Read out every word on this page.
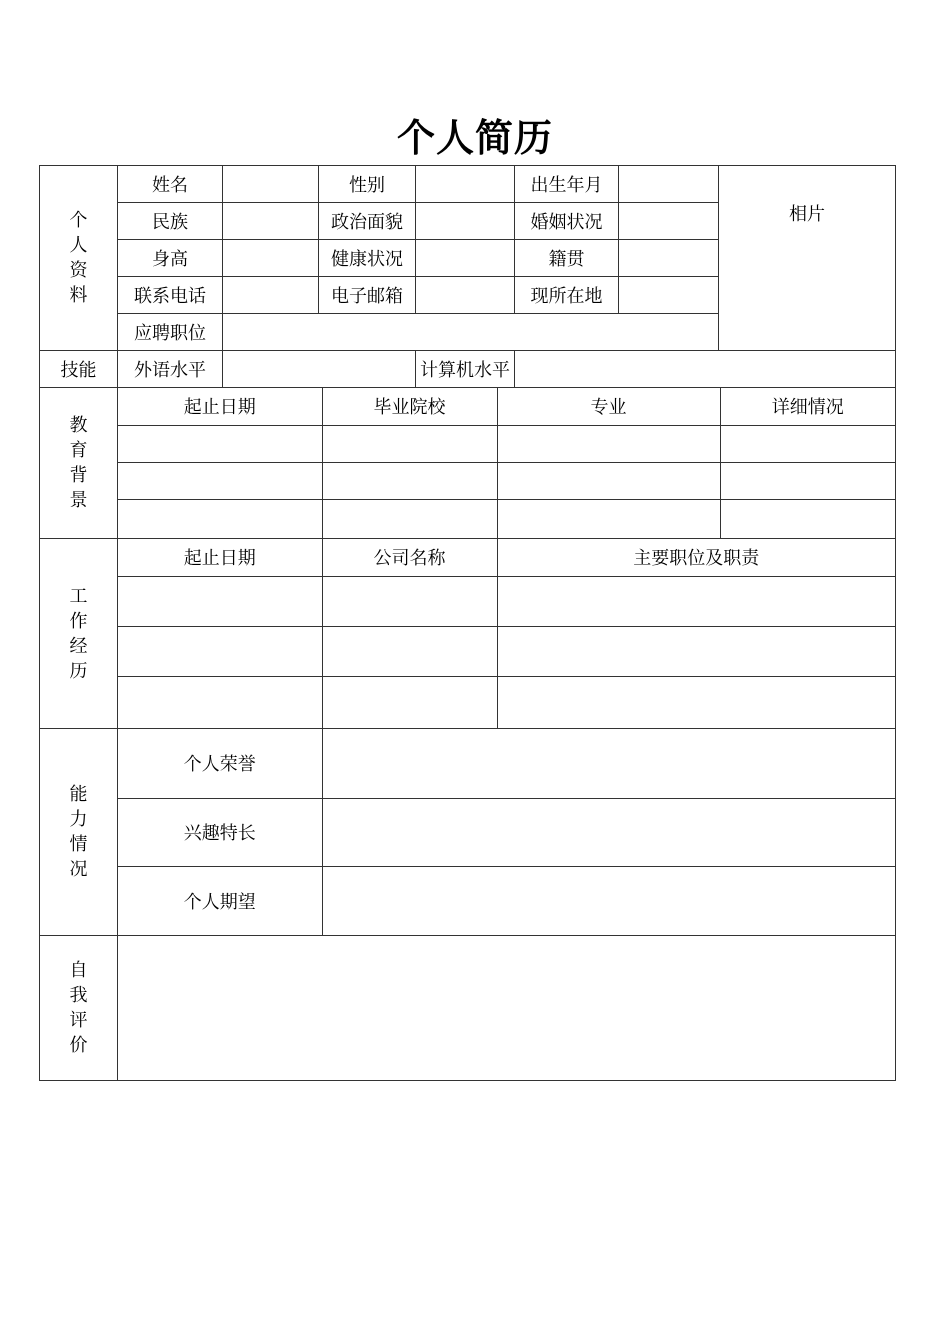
个人简历
个
人
资
料
	姓名		性别		出生年月		相片
民族		政治面貌		婚姻状况	
身高		健康状况		籍贯	
联系电话		电子邮箱		现所在地	
应聘职位	
技能	外语水平		计算机水平	

教
育
背
景

起止日期	毕业院校	专业	详细情况

工
作
经
历

起止日期	公司名称	主要职位及职责

能
力
情
况

个人荣誉	
兴趣特长	
个人期望	

自
我
评
价
